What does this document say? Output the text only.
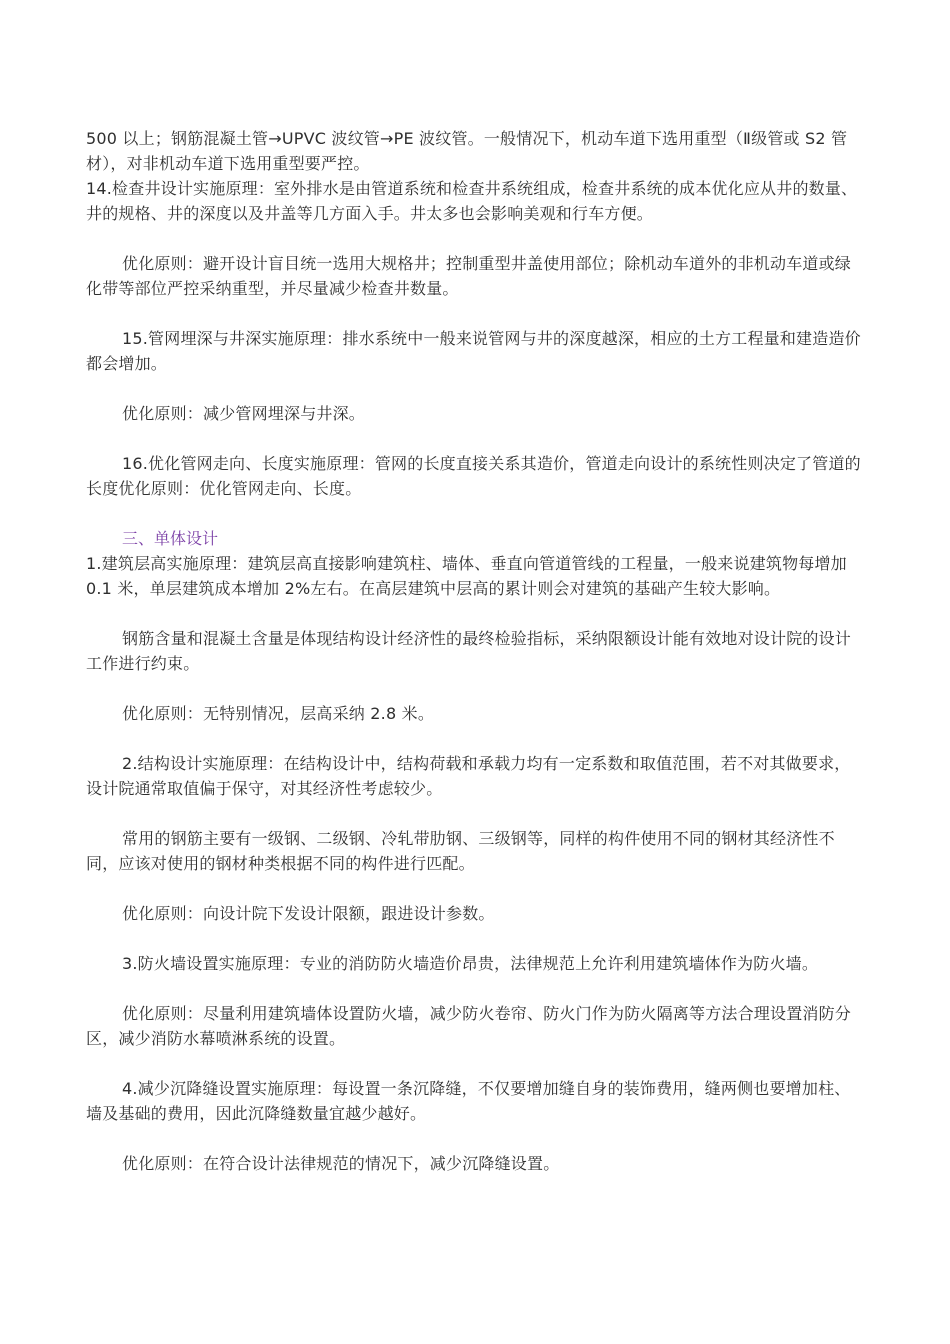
500 以上；钢筋混凝土管→UPVC 波纹管→PE 波纹管。一般情况下，机动车道下选用重型（Ⅱ级管或 S2 管材），对非机动车道下选用重型要严控。

14.检查井设计实施原理：室外排水是由管道系统和检查井系统组成，检查井系统的成本优化应从井的数量、井的规格、井的深度以及井盖等几方面入手。井太多也会影响美观和行车方便。

优化原则：避开设计盲目统一选用大规格井；控制重型井盖使用部位；除机动车道外的非机动车道或绿化带等部位严控采纳重型，并尽量减少检查井数量。

15.管网埋深与井深实施原理：排水系统中一般来说管网与井的深度越深，相应的土方工程量和建造造价都会增加。

优化原则：减少管网埋深与井深。

16.优化管网走向、长度实施原理：管网的长度直接关系其造价，管道走向设计的系统性则决定了管道的长度优化原则：优化管网走向、长度。

三、单体设计

1.建筑层高实施原理：建筑层高直接影响建筑柱、墙体、垂直向管道管线的工程量，一般来说建筑物每增加 0.1 米，单层建筑成本增加 2%左右。在高层建筑中层高的累计则会对建筑的基础产生较大影响。

钢筋含量和混凝土含量是体现结构设计经济性的最终检验指标，采纳限额设计能有效地对设计院的设计工作进行约束。

优化原则：无特别情况，层高采纳 2.8 米。

2.结构设计实施原理：在结构设计中，结构荷载和承载力均有一定系数和取值范围，若不对其做要求，设计院通常取值偏于保守，对其经济性考虑较少。

常用的钢筋主要有一级钢、二级钢、冷轧带肋钢、三级钢等，同样的构件使用不同的钢材其经济性不同，应该对使用的钢材种类根据不同的构件进行匹配。

优化原则：向设计院下发设计限额，跟进设计参数。

3.防火墙设置实施原理：专业的消防防火墙造价昂贵，法律规范上允许利用建筑墙体作为防火墙。

优化原则：尽量利用建筑墙体设置防火墙，减少防火卷帘、防火门作为防火隔离等方法合理设置消防分区，减少消防水幕喷淋系统的设置。

4.减少沉降缝设置实施原理：每设置一条沉降缝，不仅要增加缝自身的装饰费用，缝两侧也要增加柱、墙及基础的费用，因此沉降缝数量宜越少越好。

优化原则：在符合设计法律规范的情况下，减少沉降缝设置。
